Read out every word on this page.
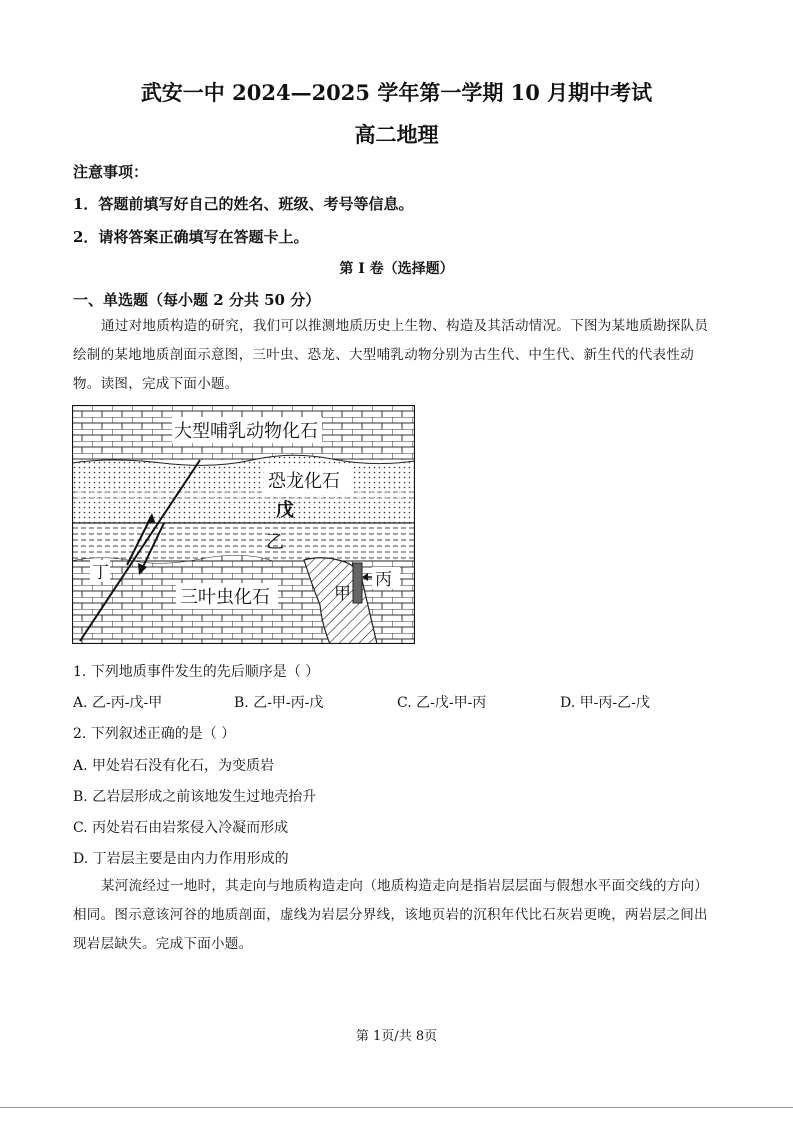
武安一中 2024—2025 学年第一学期 10 月期中考试
高二地理
注意事项：
1．答题前填写好自己的姓名、班级、考号等信息。
2．请将答案正确填写在答题卡上。
第 I 卷（选择题）
一、单选题（每小题 2 分共 50 分）
通过对地质构造的研究，我们可以推测地质历史上生物、构造及其活动情况。下图为某地质勘探队员绘制的某地地质剖面示意图，三叶虫、恐龙、大型哺乳动物分别为古生代、中生代、新生代的代表性动物。读图，完成下面小题。
大型哺乳动物化石
恐龙化石
戊
乙
丁
三叶虫化石	甲
丙
1. 下列地质事件发生的先后顺序是（ ）
A. 乙-丙-戊-甲	B. 乙-甲-丙-戊	C. 乙-戊-甲-丙	D. 甲-丙-乙-戊
2. 下列叙述正确的是（ ）
A. 甲处岩石没有化石，为变质岩
B. 乙岩层形成之前该地发生过地壳抬升
C. 丙处岩石由岩浆侵入冷凝而形成
D. 丁岩层主要是由内力作用形成的
某河流经过一地时，其走向与地质构造走向（地质构造走向是指岩层层面与假想水平面交线的方向）相同。图示意该河谷的地质剖面，虚线为岩层分界线，该地页岩的沉积年代比石灰岩更晚，两岩层之间出现岩层缺失。完成下面小题。
第 1页/共 8页
